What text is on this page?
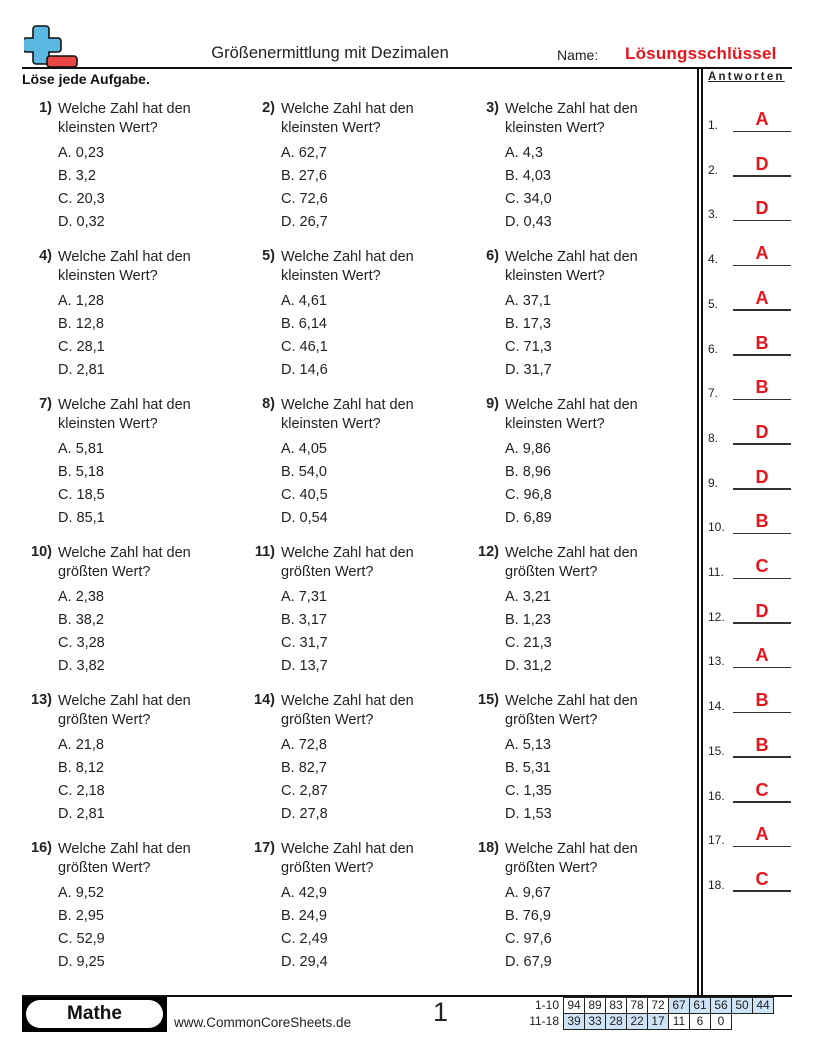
Größenermittlung mit Dezimalen	Name: Lösungsschlüssel
Löse jede Aufgabe.	Antworten
1) Welche Zahl hat den kleinsten Wert?
A. 0,23
B. 3,2
C. 20,3
D. 0,32
2) Welche Zahl hat den kleinsten Wert?
A. 62,7
B. 27,6
C. 72,6
D. 26,7
3) Welche Zahl hat den kleinsten Wert?
A. 4,3
B. 4,03
C. 34,0
D. 0,43
4) Welche Zahl hat den kleinsten Wert?
A. 1,28
B. 12,8
C. 28,1
D. 2,81
5) Welche Zahl hat den kleinsten Wert?
A. 4,61
B. 6,14
C. 46,1
D. 14,6
6) Welche Zahl hat den kleinsten Wert?
A. 37,1
B. 17,3
C. 71,3
D. 31,7
7) Welche Zahl hat den kleinsten Wert?
A. 5,81
B. 5,18
C. 18,5
D. 85,1
8) Welche Zahl hat den kleinsten Wert?
A. 4,05
B. 54,0
C. 40,5
D. 0,54
9) Welche Zahl hat den kleinsten Wert?
A. 9,86
B. 8,96
C. 96,8
D. 6,89
10) Welche Zahl hat den größten Wert?
A. 2,38
B. 38,2
C. 3,28
D. 3,82
11) Welche Zahl hat den größten Wert?
A. 7,31
B. 3,17
C. 31,7
D. 13,7
12) Welche Zahl hat den größten Wert?
A. 3,21
B. 1,23
C. 21,3
D. 31,2
13) Welche Zahl hat den größten Wert?
A. 21,8
B. 8,12
C. 2,18
D. 2,81
14) Welche Zahl hat den größten Wert?
A. 72,8
B. 82,7
C. 2,87
D. 27,8
15) Welche Zahl hat den größten Wert?
A. 5,13
B. 5,31
C. 1,35
D. 1,53
16) Welche Zahl hat den größten Wert?
A. 9,52
B. 2,95
C. 52,9
D. 9,25
17) Welche Zahl hat den größten Wert?
A. 42,9
B. 24,9
C. 2,49
D. 29,4
18) Welche Zahl hat den größten Wert?
A. 9,67
B. 76,9
C. 97,6
D. 67,9
1.	A
2.	D
3.	D
4.	A
5.	A
6.	B
7.	B
8.	D
9.	D
10.	B
11.	C
12.	D
13.	A
14.	B
15.	B
16.	C
17.	A
18.	C
Mathe	www.CommonCoreSheets.de	1	1-10	94	89	83	78	72	67	61	56	50	44
11-18	39	33	28	22	17	11	6	0		
